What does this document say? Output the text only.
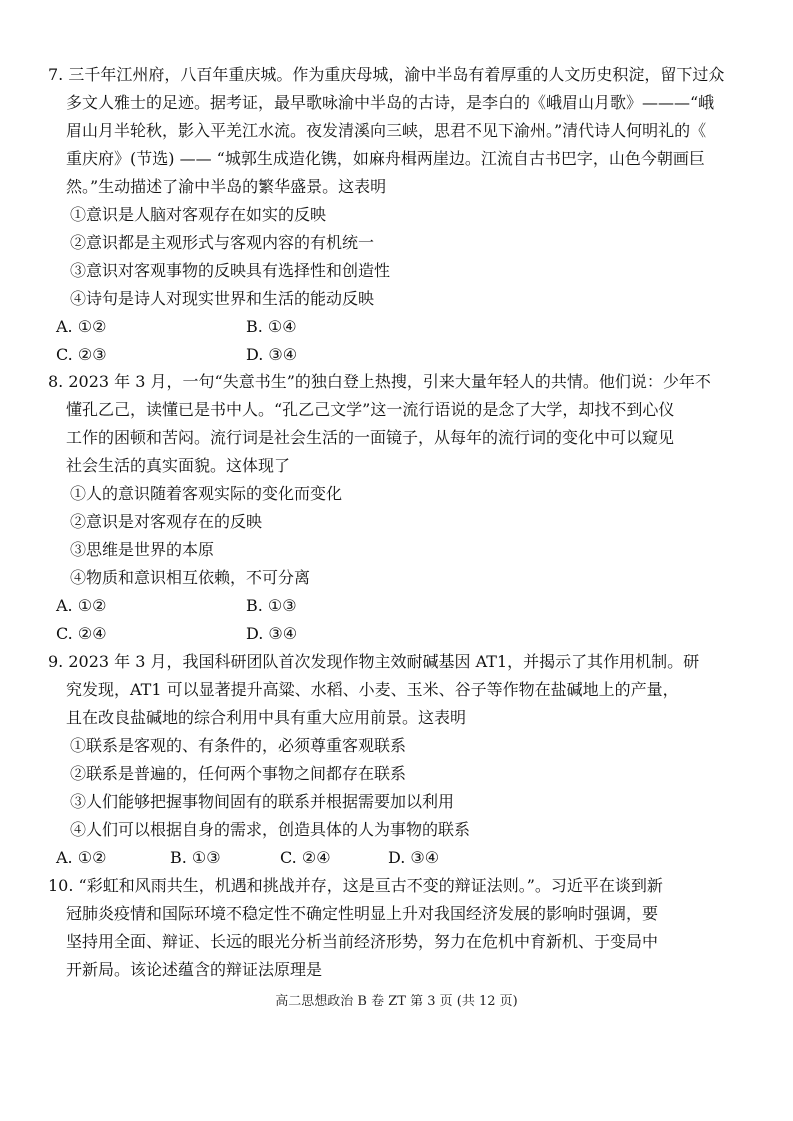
7. 三千年江州府，八百年重庆城。作为重庆母城，渝中半岛有着厚重的人文历史积淀，留下过众
多文人雅士的足迹。据考证，最早歌咏渝中半岛的古诗，是李白的《峨眉山月歌》———“峨
眉山月半轮秋，影入平羌江水流。夜发清溪向三峡，思君不见下渝州。”清代诗人何明礼的《
重庆府》(节选) —— “城郭生成造化镌，如麻舟楫两崖边。江流自古书巴字，山色今朝画巨
然。”生动描述了渝中半岛的繁华盛景。这表明
①意识是人脑对客观存在如实的反映
②意识都是主观形式与客观内容的有机统一
③意识对客观事物的反映具有选择性和创造性
④诗句是诗人对现实世界和生活的能动反映
A. ①②	B. ①④
C. ②③	D. ③④
8. 2023 年 3 月，一句“失意书生”的独白登上热搜，引来大量年轻人的共情。他们说：少年不
懂孔乙己，读懂已是书中人。“孔乙己文学”这一流行语说的是念了大学，却找不到心仪
工作的困顿和苦闷。流行词是社会生活的一面镜子，从每年的流行词的变化中可以窥见
社会生活的真实面貌。这体现了
①人的意识随着客观实际的变化而变化
②意识是对客观存在的反映
③思维是世界的本原
④物质和意识相互依赖，不可分离
A. ①②	B. ①③
C. ②④	D. ③④
9. 2023 年 3 月，我国科研团队首次发现作物主效耐碱基因 AT1，并揭示了其作用机制。研
究发现，AT1 可以显著提升高粱、水稻、小麦、玉米、谷子等作物在盐碱地上的产量，
且在改良盐碱地的综合利用中具有重大应用前景。这表明
①联系是客观的、有条件的，必须尊重客观联系
②联系是普遍的，任何两个事物之间都存在联系
③人们能够把握事物间固有的联系并根据需要加以利用
④人们可以根据自身的需求，创造具体的人为事物的联系
A. ①②	B. ①③	C. ②④	D. ③④
10. “彩虹和风雨共生，机遇和挑战并存，这是亘古不变的辩证法则。”。习近平在谈到新
冠肺炎疫情和国际环境不稳定性不确定性明显上升对我国经济发展的影响时强调，要
坚持用全面、辩证、长远的眼光分析当前经济形势，努力在危机中育新机、于变局中
开新局。该论述蕴含的辩证法原理是
高二思想政治 B 卷 ZT 第 3 页 (共 12 页)
